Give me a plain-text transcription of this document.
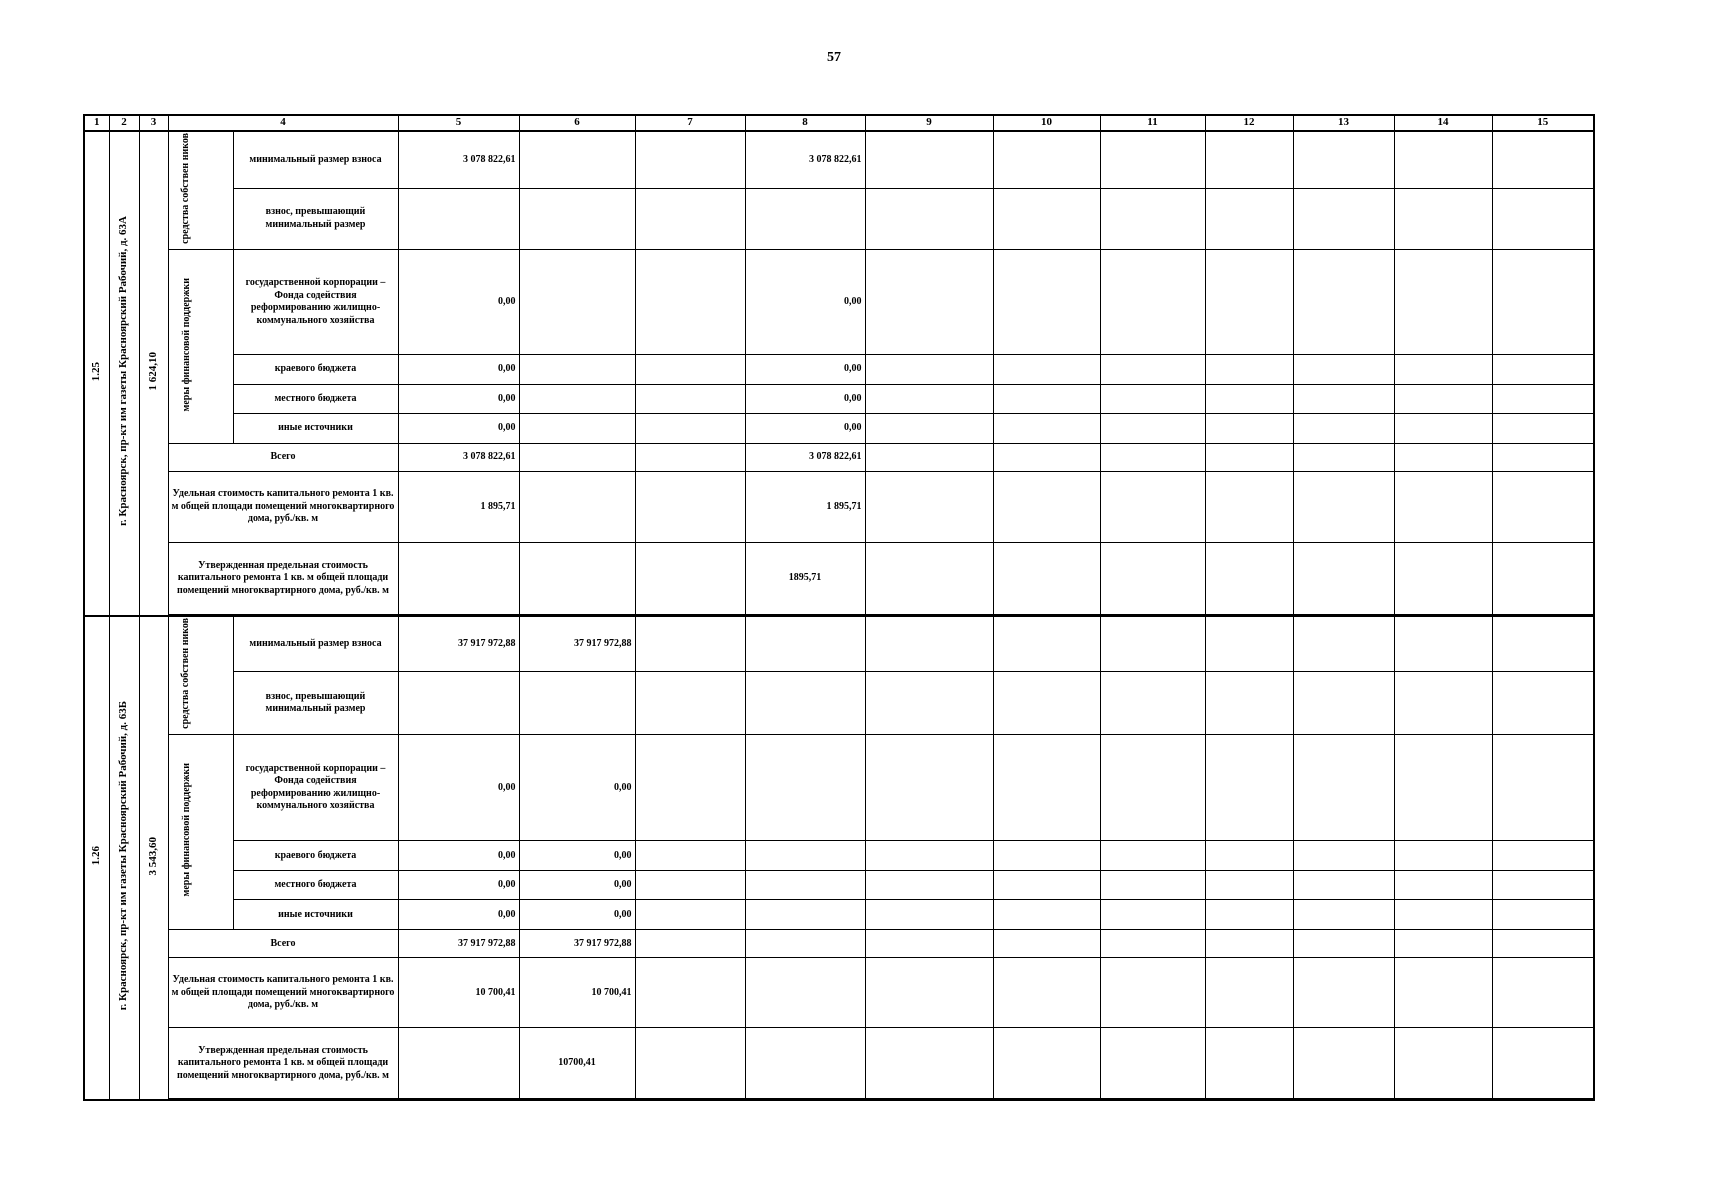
57
1	2	3	4		5	6	7	8	9	10	11	12	13	14	15
1.25	г. Красноярск, пр-кт им газеты Красноярский Рабочий, д. 63А	1 624,10	средства собствен ников	минимальный размер взноса	3 078 822,61			3 078 822,61							
				взнос, превышающий минимальный размер											
			меры финансовой поддержки	государственной корпорации – Фонда содействия реформированию жилищно-коммунального хозяйства	0,00			0,00							
				краевого бюджета	0,00			0,00							
				местного бюджета	0,00			0,00							
				иные источники	0,00			0,00							
			Всего		3 078 822,61			3 078 822,61							
			Удельная стоимость капитального ремонта 1 кв. м общей площади помещений многоквартирного дома, руб./кв. м		1 895,71			1 895,71							
			Утвержденная предельная стоимость капитального ремонта 1 кв. м общей площади помещений многоквартирного дома, руб./кв. м					1895,71							

1.26	г. Красноярск, пр-кт им газеты Красноярский Рабочий, д. 63Б	3 543,60	средства собствен ников	минимальный размер взноса	37 917 972,88	37 917 972,88									
				взнос, превышающий минимальный размер											
			меры финансовой поддержки	государственной корпорации – Фонда содействия реформированию жилищно-коммунального хозяйства	0,00	0,00									
				краевого бюджета	0,00	0,00									
				местного бюджета	0,00	0,00									
				иные источники	0,00	0,00									
			Всего		37 917 972,88	37 917 972,88									
			Удельная стоимость капитального ремонта 1 кв. м общей площади помещений многоквартирного дома, руб./кв. м		10 700,41	10 700,41									
			Утвержденная предельная стоимость капитального ремонта 1 кв. м общей площади помещений многоквартирного дома, руб./кв. м			10700,41									
